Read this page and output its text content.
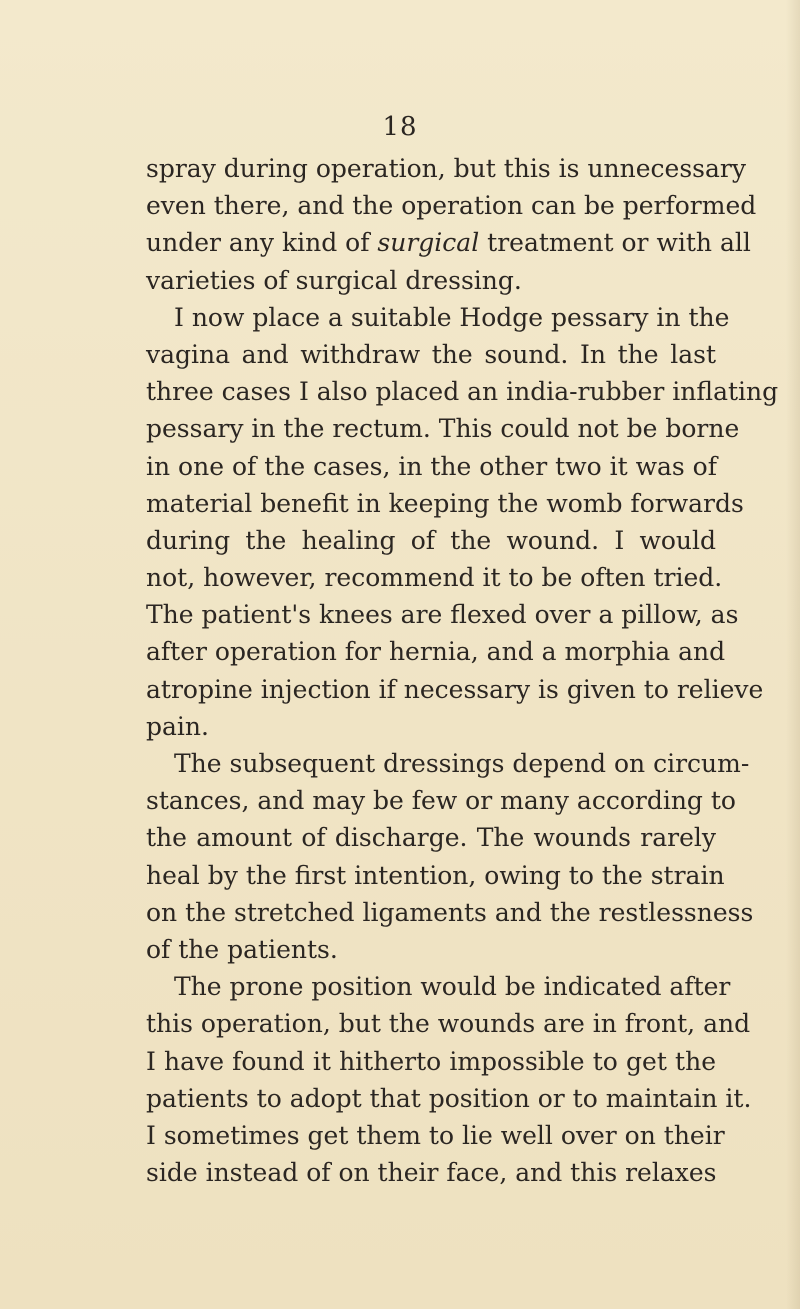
18
spray during operation, but this is unnecessary
even there, and the operation can be performed
under any kind of surgical treatment or with all
varieties of surgical dressing.
I now place a suitable Hodge pessary in the
vagina and withdraw the sound. In the last
three cases I also placed an india-rubber inflating
pessary in the rectum. This could not be borne
in one of the cases, in the other two it was of
material benefit in keeping the womb forwards
during the healing of the wound. I would
not, however, recommend it to be often tried.
The patient's knees are flexed over a pillow, as
after operation for hernia, and a morphia and
atropine injection if necessary is given to relieve
pain.
The subsequent dressings depend on circum-
stances, and may be few or many according to
the amount of discharge. The wounds rarely
heal by the first intention, owing to the strain
on the stretched ligaments and the restlessness
of the patients.
The prone position would be indicated after
this operation, but the wounds are in front, and
I have found it hitherto impossible to get the
patients to adopt that position or to maintain it.
I sometimes get them to lie well over on their
side instead of on their face, and this relaxes
